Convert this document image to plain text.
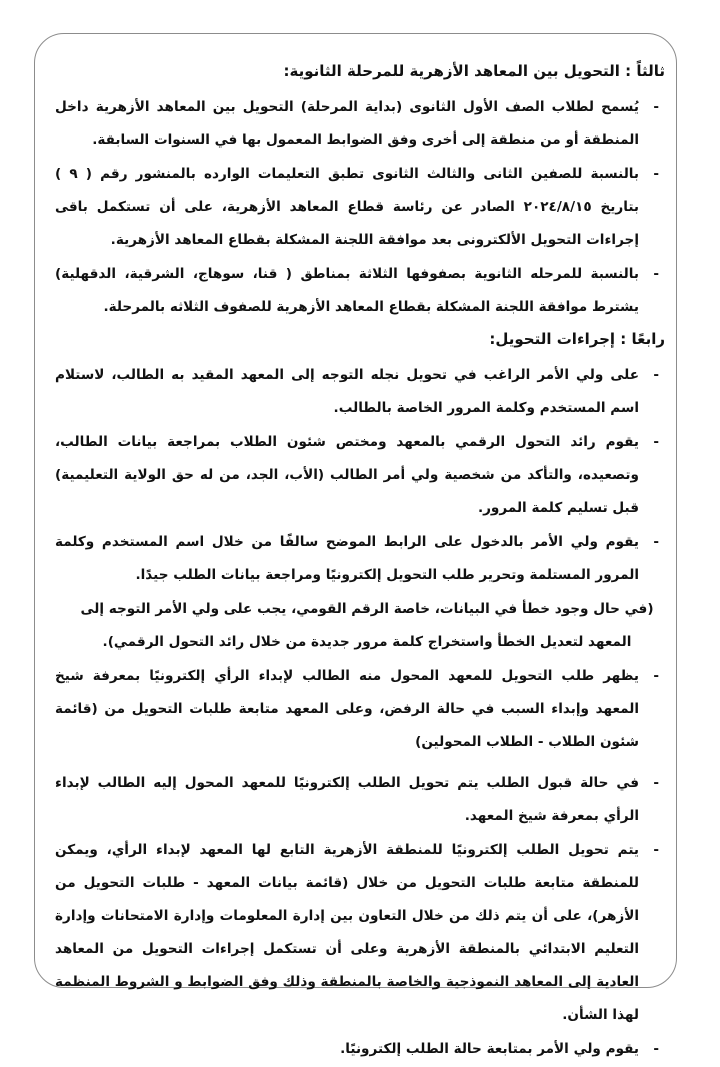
ثالثاً : التحويل بين المعاهد الأزهرية للمرحلة الثانوية:
-
يُسمح لطلاب الصف الأول الثانوى (بداية المرحلة) التحويل بين المعاهد الأزهرية داخل المنطقة أو من منطقة إلى أخرى وفق الضوابط المعمول بها في السنوات السابقة.
-
بالنسبة للصفين الثانى والثالث الثانوى تطبق التعليمات الوارده بالمنشور رقم ( ٩ ) بتاريخ ٢٠٢٤/٨/١٥ الصادر عن رئاسة قطاع المعاهد الأزهرية، على أن تستكمل باقى إجراءات التحويل الألكترونى بعد موافقة اللجنة المشكلة بقطاع المعاهد الأزهرية.
-
بالنسبة للمرحله الثانوية بصفوفها الثلاثة بمناطق ( قنا، سوهاج، الشرقية، الدقهلية) يشترط موافقة اللجنة المشكلة بقطاع المعاهد الأزهرية للصفوف الثلاثه بالمرحلة.
رابعًا : إجراءات التحويل:
-
على ولي الأمر الراغب في تحويل نجله التوجه إلى المعهد المقيد به الطالب، لاستلام اسم المستخدم وكلمة المرور الخاصة بالطالب.
-
يقوم رائد التحول الرقمي بالمعهد ومختص شئون الطلاب بمراجعة بيانات الطالب، وتصعيده، والتأكد من شخصية ولي أمر الطالب (الأب، الجد، من له حق الولاية التعليمية) قبل تسليم كلمة المرور.
-
يقوم ولي الأمر بالدخول على الرابط الموضح سالفًا من خلال اسم المستخدم وكلمة المرور المستلمة وتحرير طلب التحويل إلكترونيًا ومراجعة بيانات الطلب جيدًا.
(في حال وجود خطأ في البيانات، خاصة الرقم القومي، يجب على ولي الأمر التوجه إلى المعهد لتعديل الخطأ واستخراج كلمة مرور جديدة من خلال رائد التحول الرقمي).
-
يظهر طلب التحويل للمعهد المحول منه الطالب لإبداء الرأي إلكترونيًا بمعرفة شيخ المعهد وإبداء السبب في حالة الرفض، وعلى المعهد متابعة طلبات التحويل من (قائمة شئون الطلاب - الطلاب المحولين)
-
في حالة قبول الطلب يتم تحويل الطلب إلكترونيًا للمعهد المحول إليه الطالب لإبداء الرأي بمعرفة شيخ المعهد.
-
يتم تحويل الطلب إلكترونيًا للمنطقة الأزهرية التابع لها المعهد لإبداء الرأي، ويمكن للمنطقة متابعة طلبات التحويل من خلال (قائمة بيانات المعهد - طلبات التحويل من الأزهر)، على أن يتم ذلك من خلال التعاون بين إدارة المعلومات وإدارة الامتحانات وإدارة التعليم الابتدائي بالمنطقة الأزهرية وعلى أن تستكمل إجراءات التحويل من المعاهد العادية إلى المعاهد النموذجية والخاصة بالمنطقة وذلك وفق الضوابط و الشروط المنظمة لهذا الشأن.
-
يقوم ولي الأمر بمتابعة حالة الطلب إلكترونيًا.
